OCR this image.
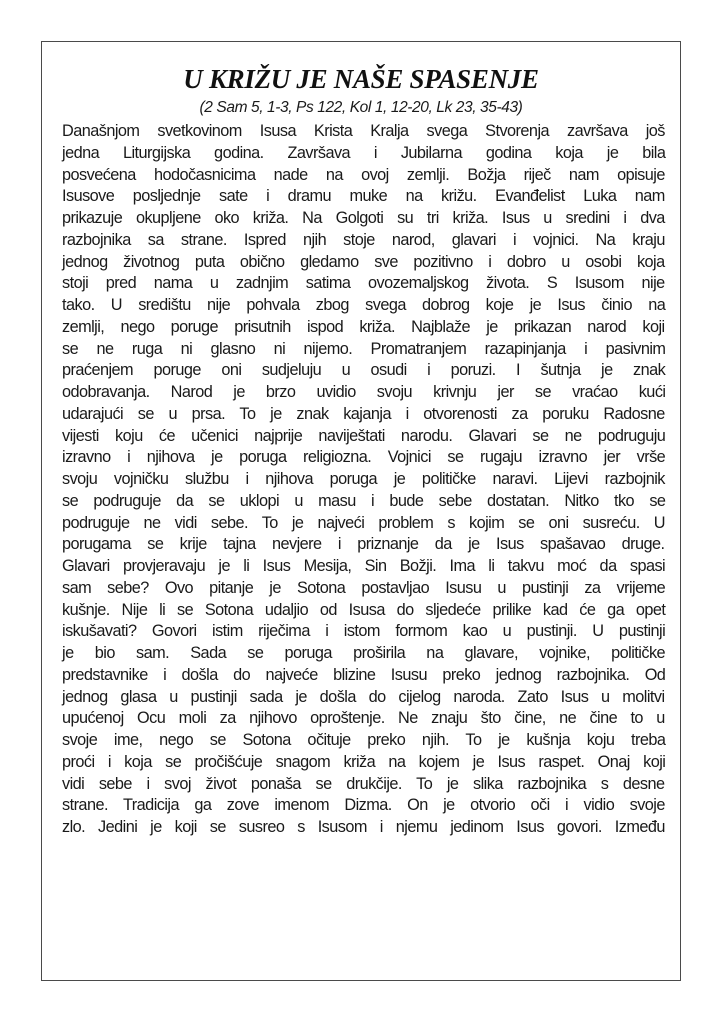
U KRIŽU JE NAŠE SPASENJE
(2 Sam 5, 1-3, Ps 122, Kol 1, 12-20, Lk 23, 35-43)
Današnjom svetkovinom Isusa Krista Kralja svega Stvorenja završava još
jedna Liturgijska godina. Završava i Jubilarna godina koja je bila
posvećena hodočasnicima nade na ovoj zemlji. Božja riječ nam opisuje
Isusove posljednje sate i dramu muke na križu. Evanđelist Luka nam
prikazuje okupljene oko križa. Na Golgoti su tri križa. Isus u sredini i dva
razbojnika sa strane. Ispred njih stoje narod, glavari i vojnici. Na kraju
jednog životnog puta obično gledamo sve pozitivno i dobro u osobi koja
stoji pred nama u zadnjim satima ovozemaljskog života. S Isusom nije
tako. U središtu nije pohvala zbog svega dobrog koje je Isus činio na
zemlji, nego poruge prisutnih ispod križa. Najblaže je prikazan narod koji
se ne ruga ni glasno ni nijemo. Promatranjem razapinjanja i pasivnim
praćenjem poruge oni sudjeluju u osudi i poruzi. I šutnja je znak
odobravanja. Narod je brzo uvidio svoju krivnju jer se vraćao kući
udarajući se u prsa. To je znak kajanja i otvorenosti za poruku Radosne
vijesti koju će učenici najprije naviještati narodu. Glavari se ne podruguju
izravno i njihova je poruga religiozna. Vojnici se rugaju izravno jer vrše
svoju vojničku službu i njihova poruga je političke naravi. Lijevi razbojnik
se podruguje da se uklopi u masu i bude sebe dostatan. Nitko tko se
podruguje ne vidi sebe. To je najveći problem s kojim se oni susreću. U
porugama se krije tajna nevjere i priznanje da je Isus spašavao druge.
Glavari provjeravaju je li Isus Mesija, Sin Božji. Ima li takvu moć da spasi
sam sebe? Ovo pitanje je Sotona postavljao Isusu u pustinji za vrijeme
kušnje. Nije li se Sotona udaljio od Isusa do sljedeće prilike kad će ga opet
iskušavati? Govori istim riječima i istom formom kao u pustinji. U pustinji
je bio sam. Sada se poruga proširila na glavare, vojnike, političke
predstavnike i došla do najveće blizine Isusu preko jednog razbojnika. Od
jednog glasa u pustinji sada je došla do cijelog naroda. Zato Isus u molitvi
upućenoj Ocu moli za njihovo oproštenje. Ne znaju što čine, ne čine to u
svoje ime, nego se Sotona očituje preko njih. To je kušnja koju treba
proći i koja se pročišćuje snagom križa na kojem je Isus raspet. Onaj koji
vidi sebe i svoj život ponaša se drukčije. To je slika razbojnika s desne
strane. Tradicija ga zove imenom Dizma. On je otvorio oči i vidio svoje
zlo. Jedini je koji se susreo s Isusom i njemu jedinom Isus govori. Između
